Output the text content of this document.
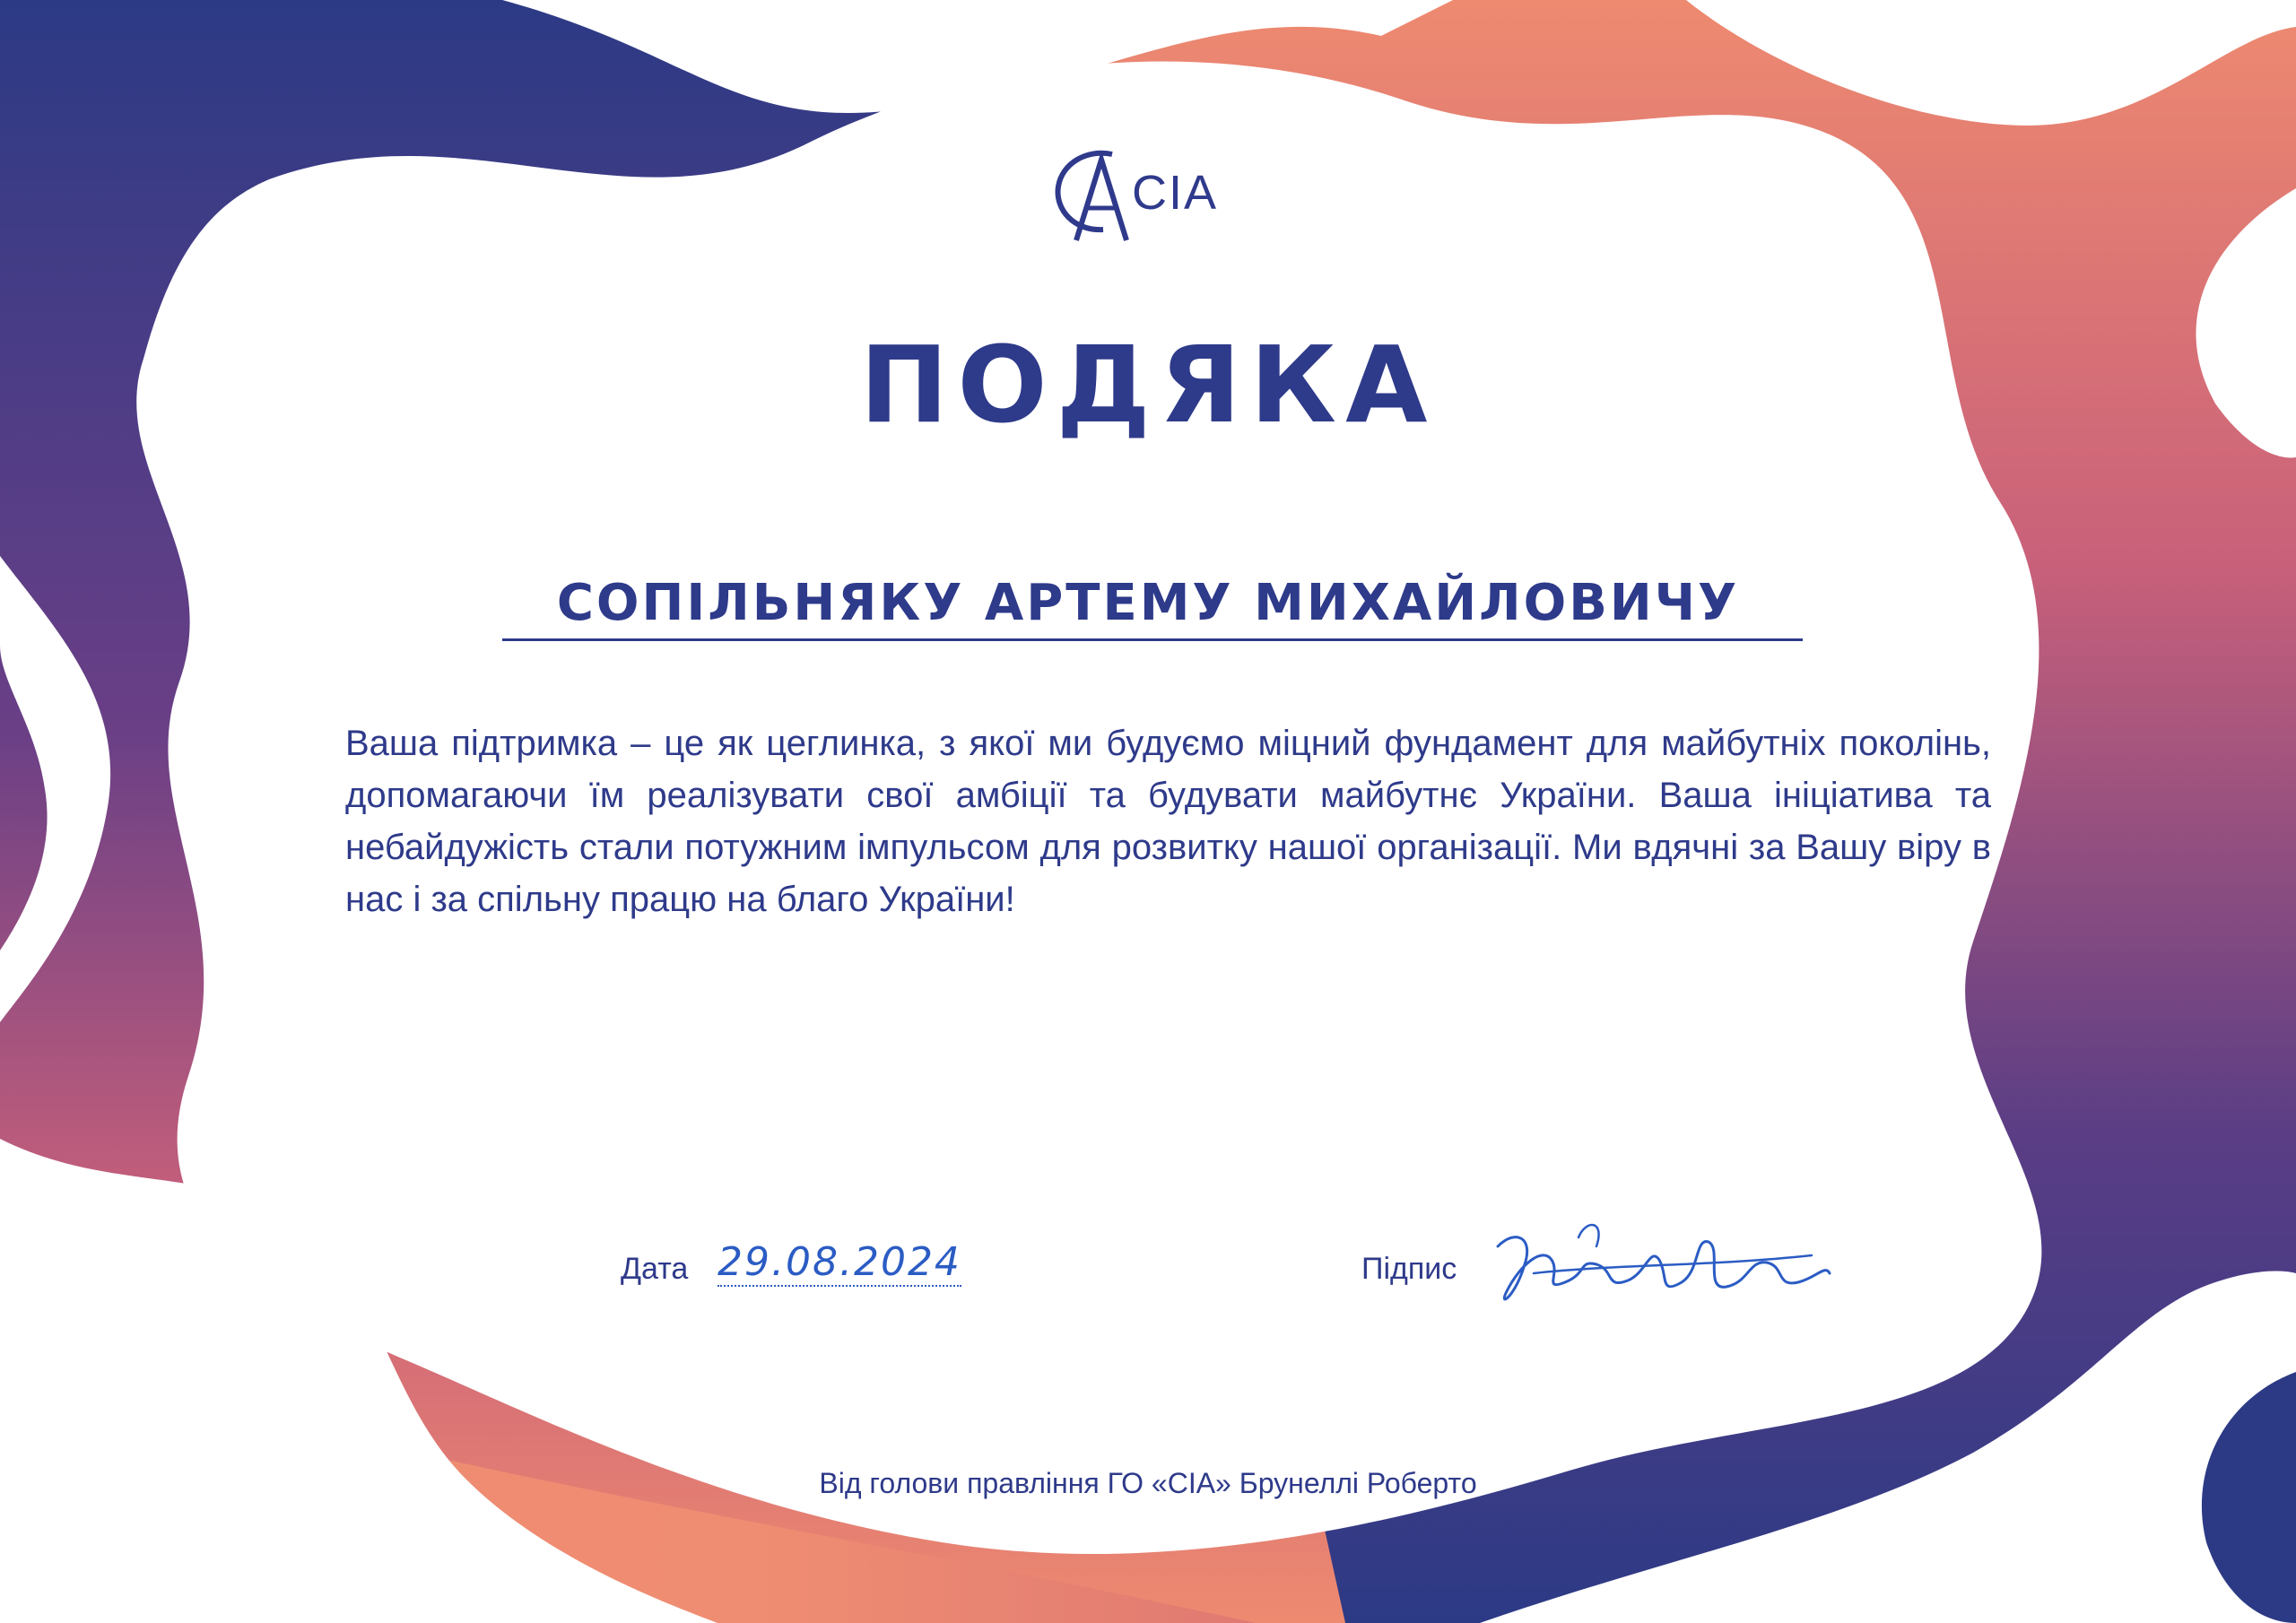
CIA
ПОДЯКА
СОПІЛЬНЯКУ АРТЕМУ МИХАЙЛОВИЧУ
Ваша підтримка – це як цеглинка, з якої ми будуємо міцний фундамент для майбутніх поколінь, допомагаючи їм реалізувати свої амбіції та будувати майбутнє України. Ваша ініціатива та небайдужість стали потужним імпульсом для розвитку нашої організації. Ми вдячні за Вашу віру в нас і за спільну працю на благо України!
Дата 29.08.2024	Підпис
Від голови правління ГО «СІА» Брунеллі Роберто
